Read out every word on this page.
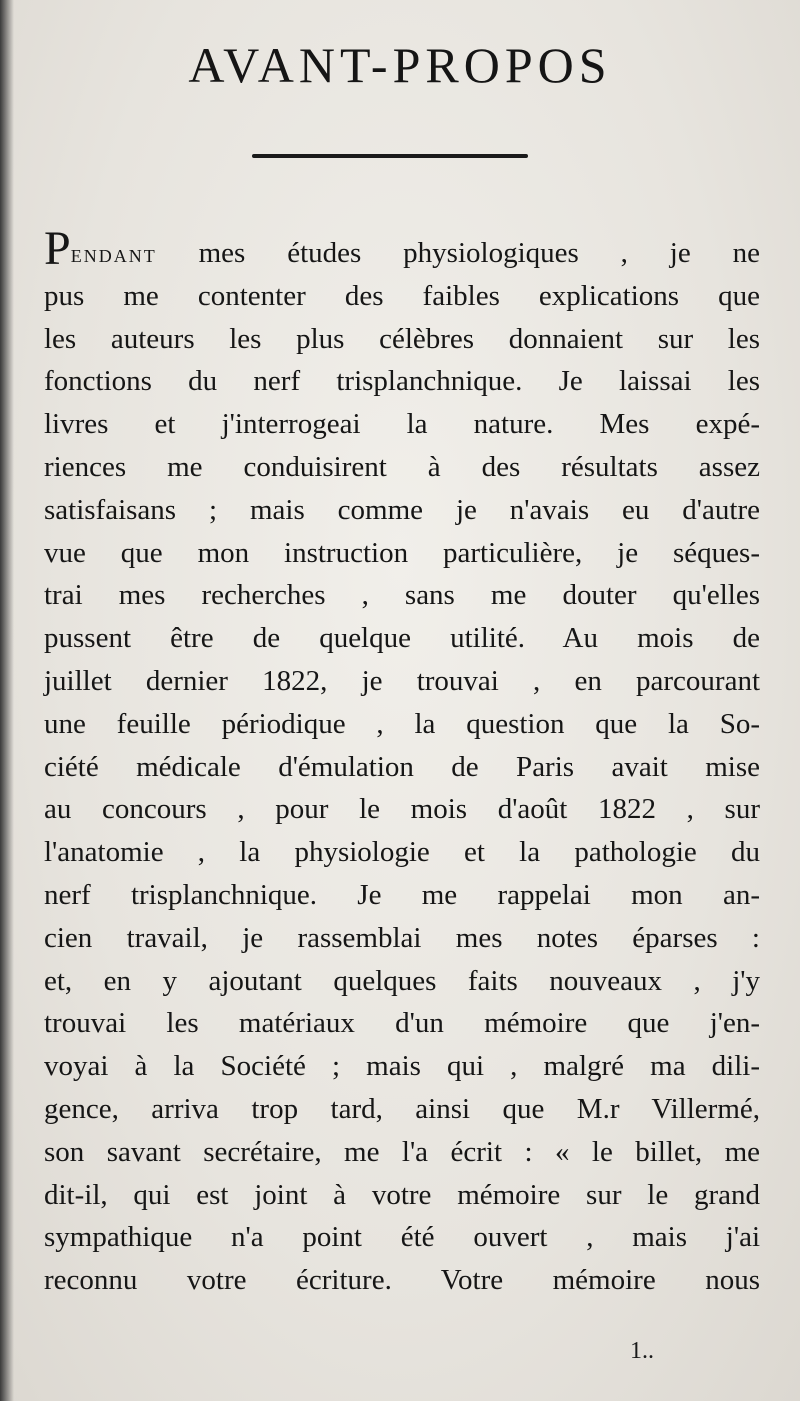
AVANT-PROPOS
Pendant mes études physiologiques , je ne
pus me contenter des faibles explications que
les auteurs les plus célèbres donnaient sur les
fonctions du nerf trisplanchnique. Je laissai les
livres et j'interrogeai la nature. Mes expé-
riences me conduisirent à des résultats assez
satisfaisans ; mais comme je n'avais eu d'autre
vue que mon instruction particulière, je séques-
trai mes recherches , sans me douter qu'elles
pussent être de quelque utilité. Au mois de
juillet dernier 1822, je trouvai , en parcourant
une feuille périodique , la question que la So-
ciété médicale d'émulation de Paris avait mise
au concours , pour le mois d'août 1822 , sur
l'anatomie , la physiologie et la pathologie du
nerf trisplanchnique. Je me rappelai mon an-
cien travail, je rassemblai mes notes éparses :
et, en y ajoutant quelques faits nouveaux , j'y
trouvai les matériaux d'un mémoire que j'en-
voyai à la Société ; mais qui , malgré ma dili-
gence, arriva trop tard, ainsi que M.r Villermé,
son savant secrétaire, me l'a écrit : « le billet, me
dit-il, qui est joint à votre mémoire sur le grand
sympathique n'a point été ouvert , mais j'ai
reconnu votre écriture. Votre mémoire nous
1..
